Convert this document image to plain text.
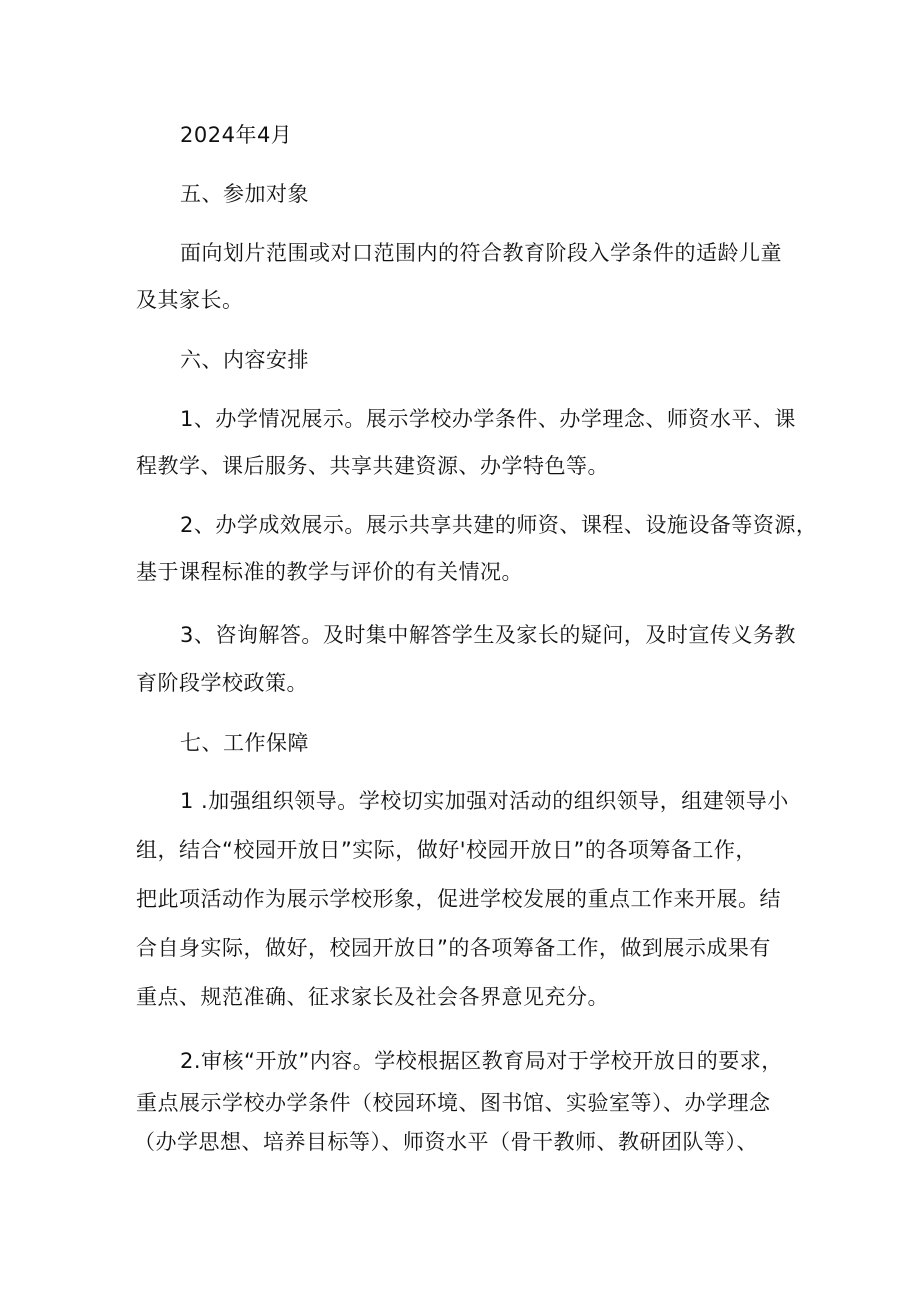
2024年4月
五、参加对象
面向划片范围或对口范围内的符合教育阶段入学条件的适龄儿童
及其家长。
六、内容安排
1、办学情况展示。展示学校办学条件、办学理念、师资水平、课
程教学、课后服务、共享共建资源、办学特色等。
2、办学成效展示。展示共享共建的师资、课程、设施设备等资源，
基于课程标准的教学与评价的有关情况。
3、咨询解答。及时集中解答学生及家长的疑问，及时宣传义务教
育阶段学校政策。
七、工作保障
1 .加强组织领导。学校切实加强对活动的组织领导，组建领导小
组，结合“校园开放日”实际，做好'校园开放日”的各项筹备工作，
把此项活动作为展示学校形象，促进学校发展的重点工作来开展。结
合自身实际，做好，校园开放日”的各项筹备工作，做到展示成果有
重点、规范准确、征求家长及社会各界意见充分。
2.审核“开放”内容。学校根据区教育局对于学校开放日的要求，
重点展示学校办学条件（校园环境、图书馆、实验室等）、办学理念
（办学思想、培养目标等）、师资水平（骨干教师、教研团队等）、
